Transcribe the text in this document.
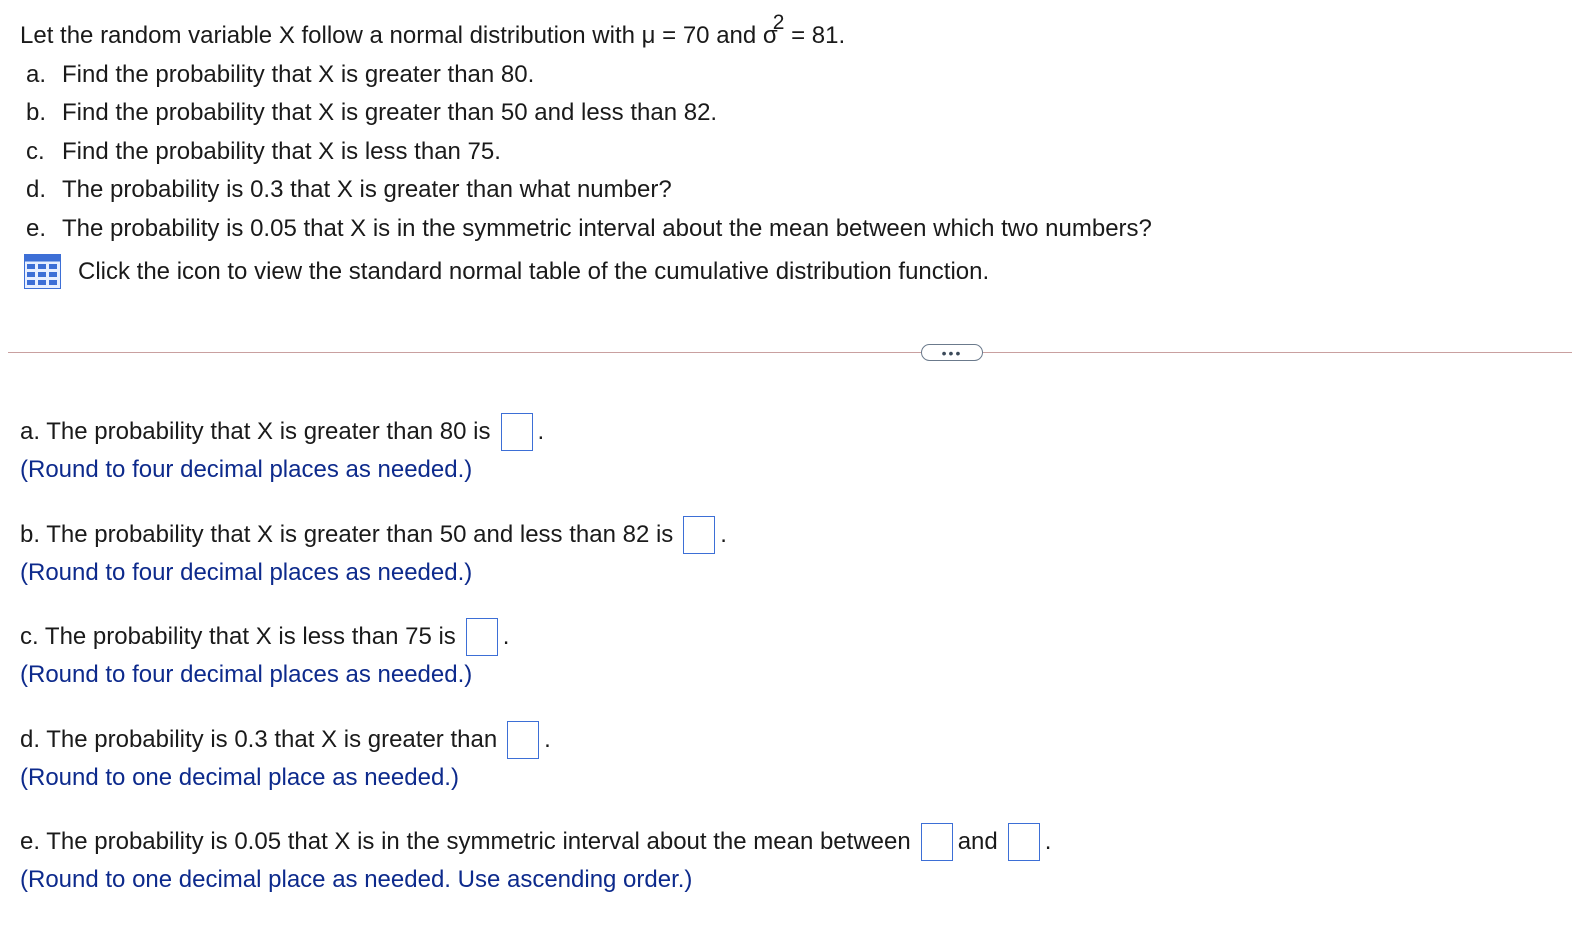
Let the random variable X follow a normal distribution with μ = 70 and σ2 = 81.
a. Find the probability that X is greater than 80.
b. Find the probability that X is greater than 50 and less than 82.
c. Find the probability that X is less than 75.
d. The probability is 0.3 that X is greater than what number?
e. The probability is 0.05 that X is in the symmetric interval about the mean between which two numbers?
Click the icon to view the standard normal table of the cumulative distribution function.
•••
a. The probability that X is greater than 80 is .
(Round to four decimal places as needed.)
b. The probability that X is greater than 50 and less than 82 is .
(Round to four decimal places as needed.)
c. The probability that X is less than 75 is .
(Round to four decimal places as needed.)
d. The probability is 0.3 that X is greater than .
(Round to one decimal place as needed.)
e. The probability is 0.05 that X is in the symmetric interval about the mean between and .
(Round to one decimal place as needed. Use ascending order.)
